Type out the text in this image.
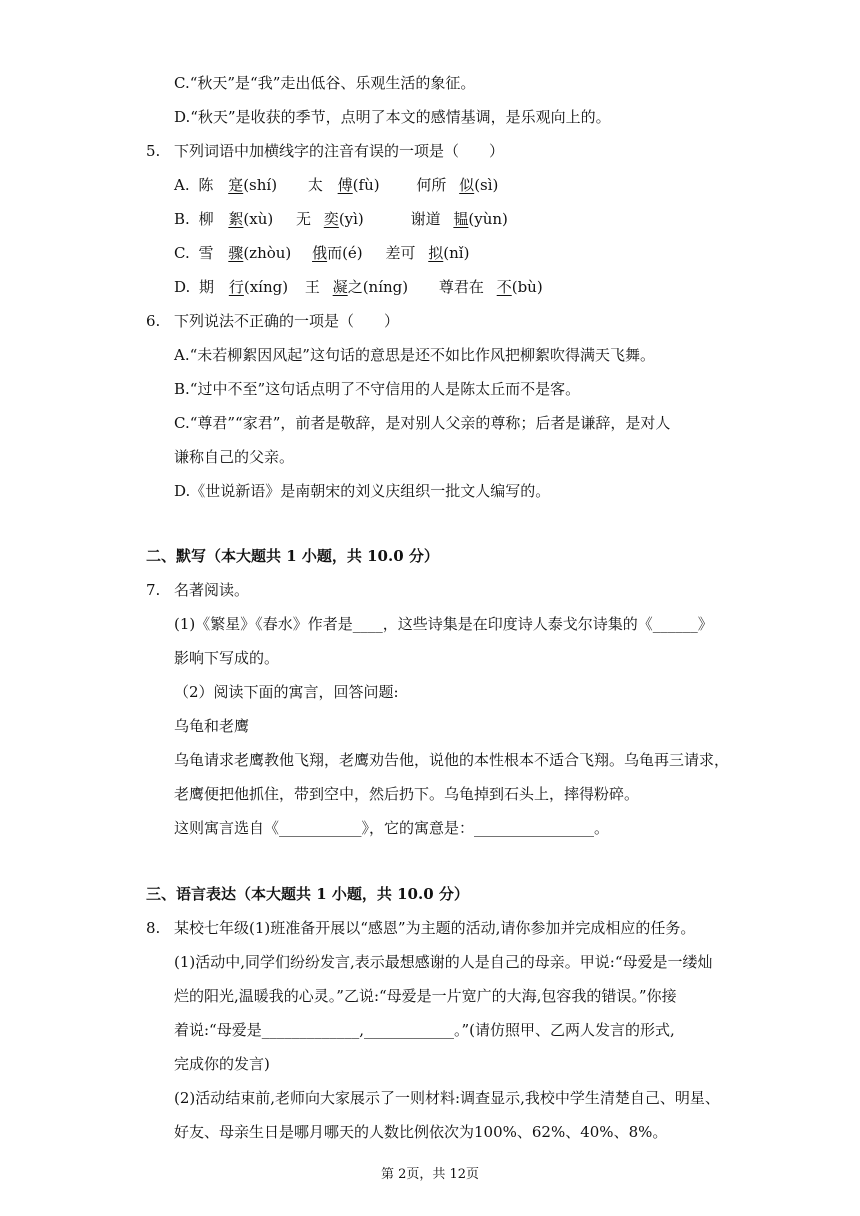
C.“秋天”是“我”走出低谷、乐观生活的象征。
D.“秋天”是收获的季节，点明了本文的感情基调，是乐观向上的。
5. 下列词语中加横线字的注音有误的一项是（　　）
A. 陈 寔(shí) 太 傅(fù) 何所 似(sì)
B. 柳 絮(xù) 无 奕(yì)	谢道 韫(yùn)
C. 雪 骤(zhòu) 俄而(é) 差可 拟(nǐ)
D. 期 行(xíng) 王 凝之(níng) 尊君在 不(bù)
6. 下列说法不正确的一项是（　　）
A.“未若柳絮因风起”这句话的意思是还不如比作风把柳絮吹得满天飞舞。
B.“过中不至”这句话点明了不守信用的人是陈太丘而不是客。
C.“尊君”“家君”，前者是敬辞，是对别人父亲的尊称；后者是谦辞，是对人
谦称自己的父亲。
D.《世说新语》是南朝宋的刘义庆组织一批文人编写的。
二、默写（本大题共 1 小题，共 10.0 分）
7. 名著阅读。
(1)《繁星》《春水》作者是____，这些诗集是在印度诗人泰戈尔诗集的《______》
影响下写成的。
（2）阅读下面的寓言，回答问题:
乌龟和老鹰
乌龟请求老鹰教他飞翔，老鹰劝告他，说他的本性根本不适合飞翔。乌龟再三请求，
老鹰便把他抓住，带到空中，然后扔下。乌龟掉到石头上，摔得粉碎。
这则寓言选自《___________》，它的寓意是：________________。
三、语言表达（本大题共 1 小题，共 10.0 分）
8. 某校七年级(1)班准备开展以“感恩”为主题的活动,请你参加并完成相应的任务。
(1)活动中,同学们纷纷发言,表示最想感谢的人是自己的母亲。甲说:“母爱是一缕灿
烂的阳光,温暖我的心灵。”乙说:“母爱是一片宽广的大海,包容我的错误。”你接
着说:“母爱是_____________,____________。”(请仿照甲、乙两人发言的形式,
完成你的发言)
(2)活动结束前,老师向大家展示了一则材料:调查显示,我校中学生清楚自己、明星、
好友、母亲生日是哪月哪天的人数比例依次为100%、62%、40%、8%。
第 2页，共 12页
